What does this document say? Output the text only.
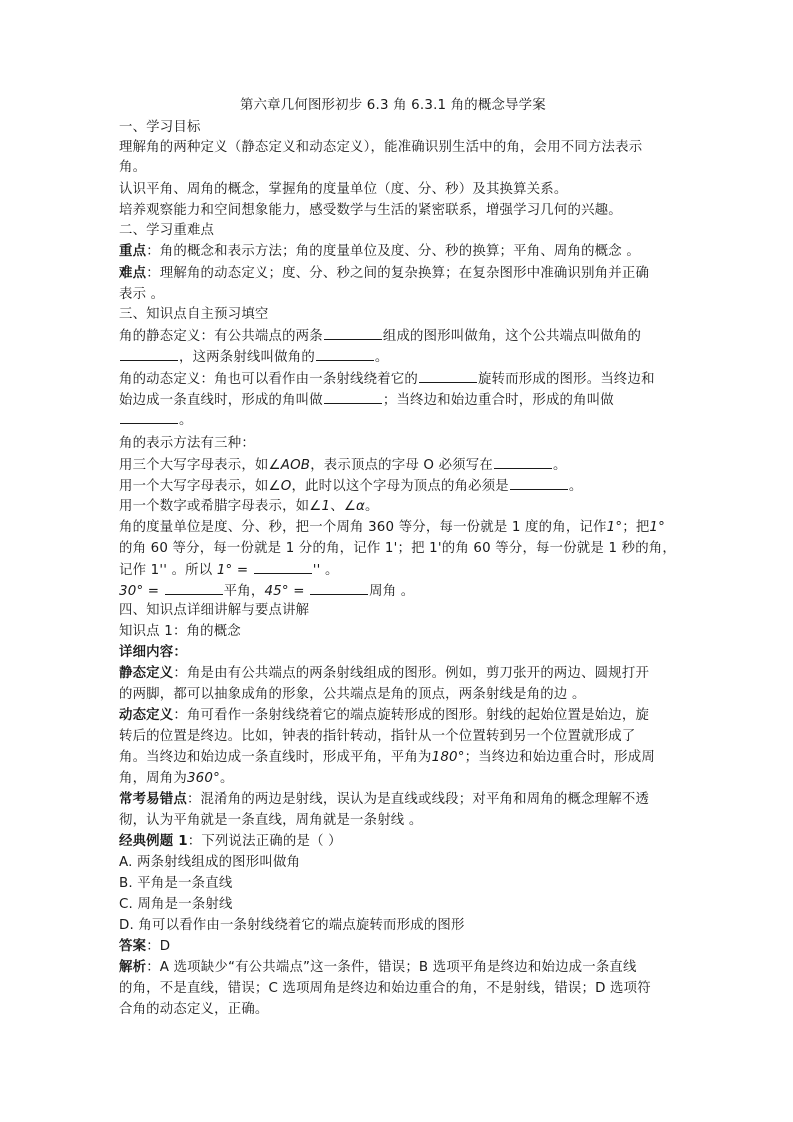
第六章几何图形初步 6.3 角 6.3.1 角的概念导学案
一、学习目标
理解角的两种定义（静态定义和动态定义），能准确识别生活中的角，会用不同方法表示
角。
认识平角、周角的概念，掌握角的度量单位（度、分、秒）及其换算关系。
培养观察能力和空间想象能力，感受数学与生活的紧密联系，增强学习几何的兴趣。
二、学习重难点
重点：角的概念和表示方法；角的度量单位及度、分、秒的换算；平角、周角的概念 。
难点：理解角的动态定义；度、分、秒之间的复杂换算；在复杂图形中准确识别角并正确
表示 。
三、知识点自主预习填空
角的静态定义：有公共端点的两条	组成的图形叫做角，这个公共端点叫做角的
，这两条射线叫做角的	。
角的动态定义：角也可以看作由一条射线绕着它的	旋转而形成的图形。当终边和
始边成一条直线时，形成的角叫做	；当终边和始边重合时，形成的角叫做
。
角的表示方法有三种：
用三个大写字母表示，如∠AOB，表示顶点的字母 O 必须写在	。
用一个大写字母表示，如∠O，此时以这个字母为顶点的角必须是	。
用一个数字或希腊字母表示，如∠1、∠α。
角的度量单位是度、分、秒，把一个周角 360 等分，每一份就是 1 度的角，记作1°；把1°
的角 60 等分，每一份就是 1 分的角，记作 1'；把 1'的角 60 等分，每一份就是 1 秒的角，
记作 1'' 。所以 1° =	'' 。
30° =	平角，45° =	周角 。
四、知识点详细讲解与要点讲解
知识点 1：角的概念
详细内容：
静态定义：角是由有公共端点的两条射线组成的图形。例如，剪刀张开的两边、圆规打开
的两脚，都可以抽象成角的形象，公共端点是角的顶点，两条射线是角的边 。
动态定义：角可看作一条射线绕着它的端点旋转形成的图形。射线的起始位置是始边，旋
转后的位置是终边。比如，钟表的指针转动，指针从一个位置转到另一个位置就形成了
角。当终边和始边成一条直线时，形成平角，平角为180°；当终边和始边重合时，形成周
角，周角为360°。
常考易错点：混淆角的两边是射线，误认为是直线或线段；对平角和周角的概念理解不透
彻，认为平角就是一条直线，周角就是一条射线 。
经典例题 1：下列说法正确的是（ ）
A. 两条射线组成的图形叫做角
B. 平角是一条直线
C. 周角是一条射线
D. 角可以看作由一条射线绕着它的端点旋转而形成的图形
答案：D
解析：A 选项缺少“有公共端点”这一条件，错误；B 选项平角是终边和始边成一条直线
的角，不是直线，错误；C 选项周角是终边和始边重合的角，不是射线，错误；D 选项符
合角的动态定义，正确。
